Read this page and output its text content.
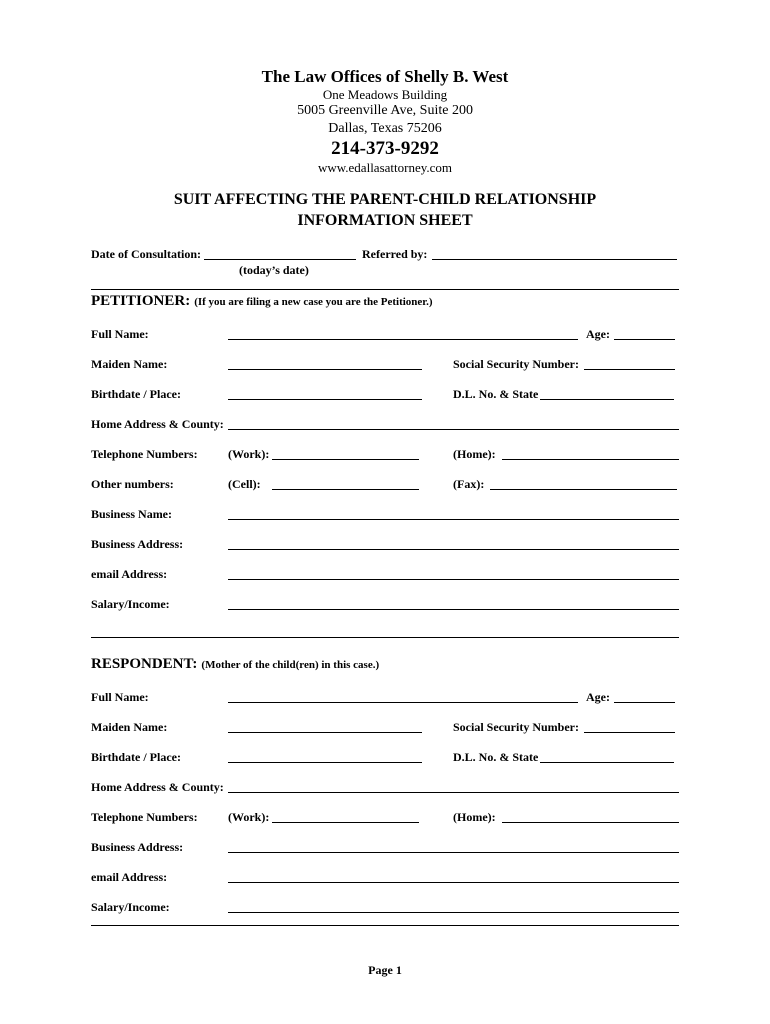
The Law Offices of Shelly B. West
One Meadows Building
5005 Greenville Ave, Suite 200
Dallas, Texas 75206
214-373-9292
www.edallasattorney.com
SUIT AFFECTING THE PARENT-CHILD RELATIONSHIP
INFORMATION SHEET
Date of Consultation:	Referred by:
(today’s date)
PETITIONER: (If you are filing a new case you are the Petitioner.)
Full Name:	Age:
Maiden Name:	Social Security Number:
Birthdate / Place:	D.L. No. & State
Home Address & County:
Telephone Numbers:	(Work):	(Home):
Other numbers:	(Cell):	(Fax):
Business Name:
Business Address:
email Address:
Salary/Income:
RESPONDENT: (Mother of the child(ren) in this case.)
Full Name:	Age:
Maiden Name:	Social Security Number:
Birthdate / Place:	D.L. No. & State
Home Address & County:
Telephone Numbers:	(Work):	(Home):
Business Address:
email Address:
Salary/Income:
Page 1
